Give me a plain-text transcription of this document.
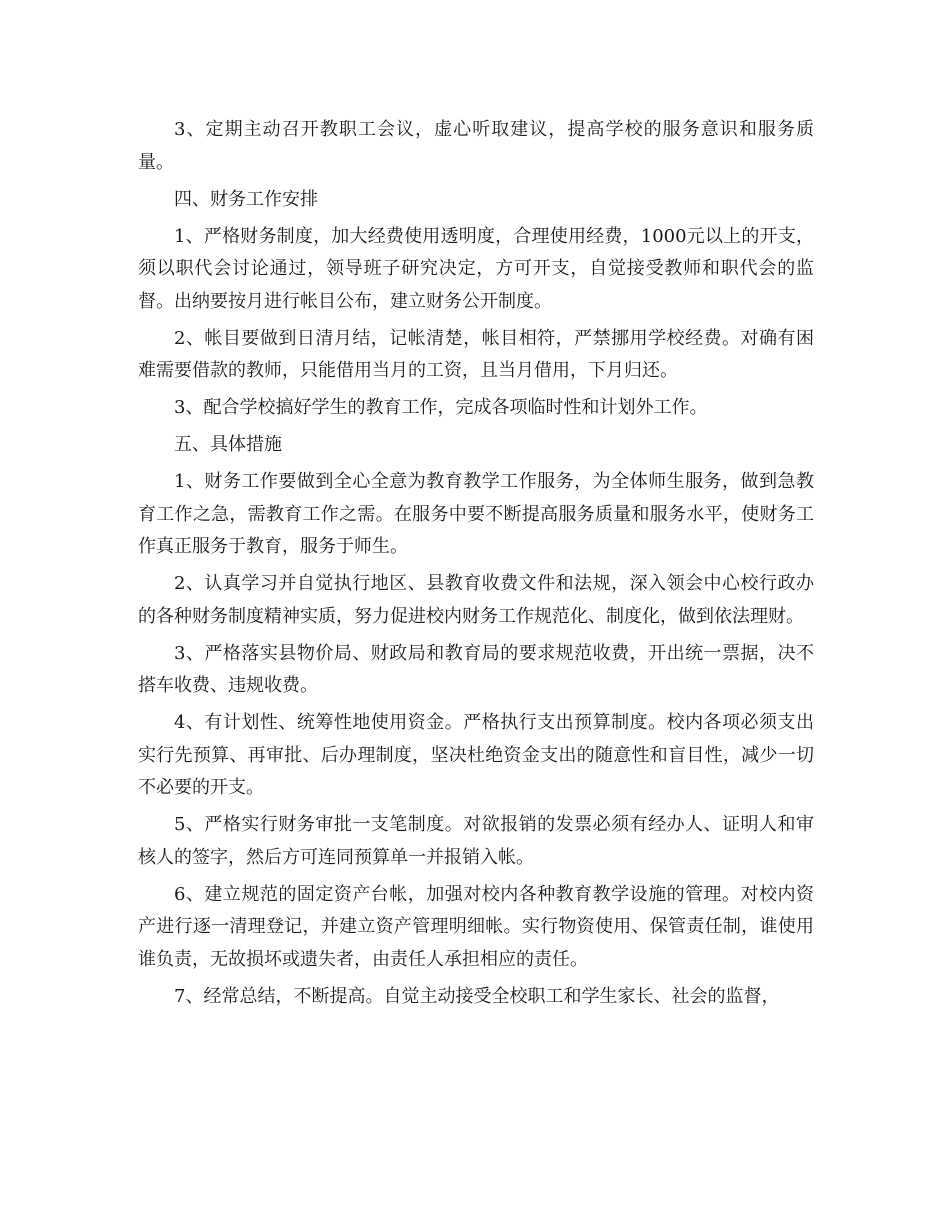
3、定期主动召开教职工会议，虚心听取建议，提高学校的服务意识和服务质量。

四、财务工作安排

1、严格财务制度，加大经费使用透明度，合理使用经费，1000元以上的开支，须以职代会讨论通过，领导班子研究决定，方可开支，自觉接受教师和职代会的监督。出纳要按月进行帐目公布，建立财务公开制度。

2、帐目要做到日清月结，记帐清楚，帐目相符，严禁挪用学校经费。对确有困难需要借款的教师，只能借用当月的工资，且当月借用，下月归还。

3、配合学校搞好学生的教育工作，完成各项临时性和计划外工作。

五、具体措施

1、财务工作要做到全心全意为教育教学工作服务，为全体师生服务，做到急教育工作之急，需教育工作之需。在服务中要不断提高服务质量和服务水平，使财务工作真正服务于教育，服务于师生。

2、认真学习并自觉执行地区、县教育收费文件和法规，深入领会中心校行政办的各种财务制度精神实质，努力促进校内财务工作规范化、制度化，做到依法理财。

3、严格落实县物价局、财政局和教育局的要求规范收费，开出统一票据，决不搭车收费、违规收费。

4、有计划性、统筹性地使用资金。严格执行支出预算制度。校内各项必须支出实行先预算、再审批、后办理制度，坚决杜绝资金支出的随意性和盲目性，减少一切不必要的开支。

5、严格实行财务审批一支笔制度。对欲报销的发票必须有经办人、证明人和审核人的签字，然后方可连同预算单一并报销入帐。

6、建立规范的固定资产台帐，加强对校内各种教育教学设施的管理。对校内资产进行逐一清理登记，并建立资产管理明细帐。实行物资使用、保管责任制，谁使用谁负责，无故损坏或遗失者，由责任人承担相应的责任。

7、经常总结，不断提高。自觉主动接受全校职工和学生家长、社会的监督，
